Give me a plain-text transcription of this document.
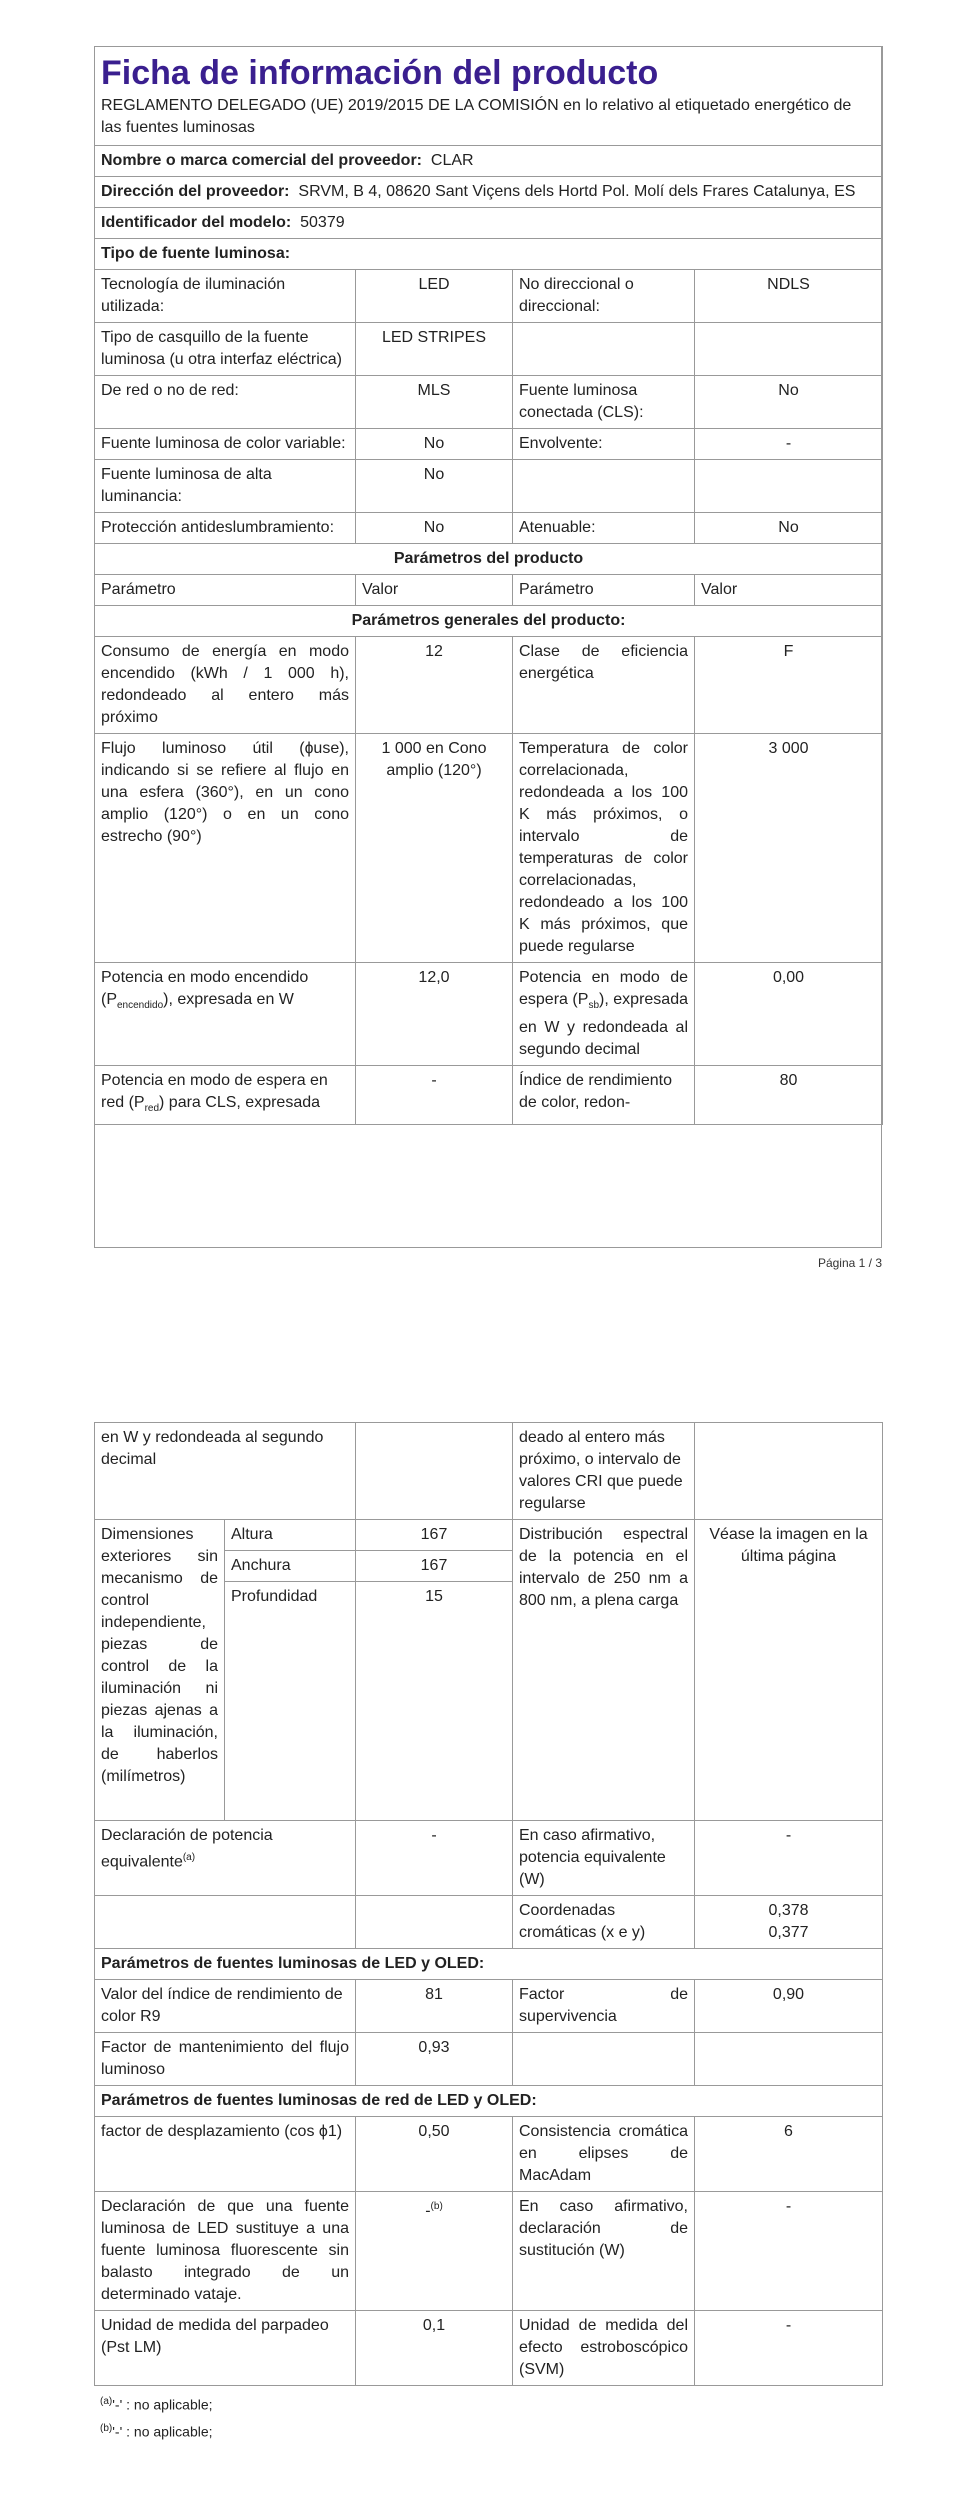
Ficha de información del producto
REGLAMENTO DELEGADO (UE) 2019/2015 DE LA COMISIÓN en lo relativo al etiquetado energético de las fuentes luminosas			

Nombre o marca comercial del proveedor: CLAR			
Dirección del proveedor: SRVM, B 4, 08620 Sant Viçens dels Hortd Pol. Molí dels Frares Catalunya, ES			
Identificador del modelo: 50379			
Tipo de fuente luminosa:			
Tecnología de iluminación utilizada:	LED	No direccional o direccional:	NDLS
Tipo de casquillo de la fuente luminosa (u otra interfaz eléctrica)	LED STRIPES		
De red o no de red:	MLS	Fuente luminosa conectada (CLS):	No
Fuente luminosa de color variable:	No	Envolvente:	-
Fuente luminosa de alta luminancia:	No		
Protección antideslumbramiento:	No	Atenuable:	No
Parámetros del producto			
Parámetro	Valor	Parámetro	Valor
Parámetros generales del producto:			
Consumo de energía en modo encendido (kWh / 1 000 h), redondeado al entero más próximo	12	Clase de eficiencia energética	F
Flujo luminoso útil (ɸuse), indicando si se refiere al flujo en una esfera (360°), en un cono amplio (120°) o en un cono estrecho (90°)	1 000 en Cono amplio (120°)	Temperatura de color correlacionada, redondeada a los 100 K más próximos, o intervalo de temperaturas de color correlacionadas, redondeado a los 100 K más próximos, que puede regularse	3 000
Potencia en modo encendido $(P_{encendido})$, expresada en W	12,0	Potencia en modo de espera $(P_{sb})$, expresada en W y redondeada al segundo decimal	0,00
Potencia en modo de espera en red $(P_{red})$ para CLS, expresada	-	Índice de rendimiento de color, redon-	80
Página 1 / 3
en W y redondeada al segundo decimal			deado al entero más próximo, o intervalo de valores CRI que puede regularse	
Dimensiones exteriores sin mecanismo de control independiente, piezas de control de la iluminación ni piezas ajenas a la iluminación, de haberlos (milímetros)	Altura	167	Distribución espectral de la potencia en el intervalo de 250 nm a 800 nm, a plena carga	Véase la imagen en la última página
	Anchura	167		
	Profundidad	15		
Declaración de potencia equivalente$^{(a)}$		-	En caso afirmativo, potencia equivalente (W)	-
			Coordenadas cromáticas (x e y)	0,378
0,377

Parámetros de fuentes luminosas de LED y OLED:				
Valor del índice de rendimiento de color R9		81	Factor de supervivencia	0,90
Factor de mantenimiento del flujo luminoso		0,93		
Parámetros de fuentes luminosas de red de LED y OLED:				
factor de desplazamiento (cos ϕ1)		0,50	Consistencia cromática en elipses de MacAdam	6
Declaración de que una fuente luminosa de LED sustituye a una fuente luminosa fluorescente sin balasto integrado de un determinado vataje.		-$^{(b)}$	En caso afirmativo, declaración de sustitución (W)	-
Unidad de medida del parpadeo (Pst LM)		0,1	Unidad de medida del efecto estroboscópico (SVM)	-
$^{(a)}$'-' : no aplicable;
$^{(b)}$'-' : no aplicable;
